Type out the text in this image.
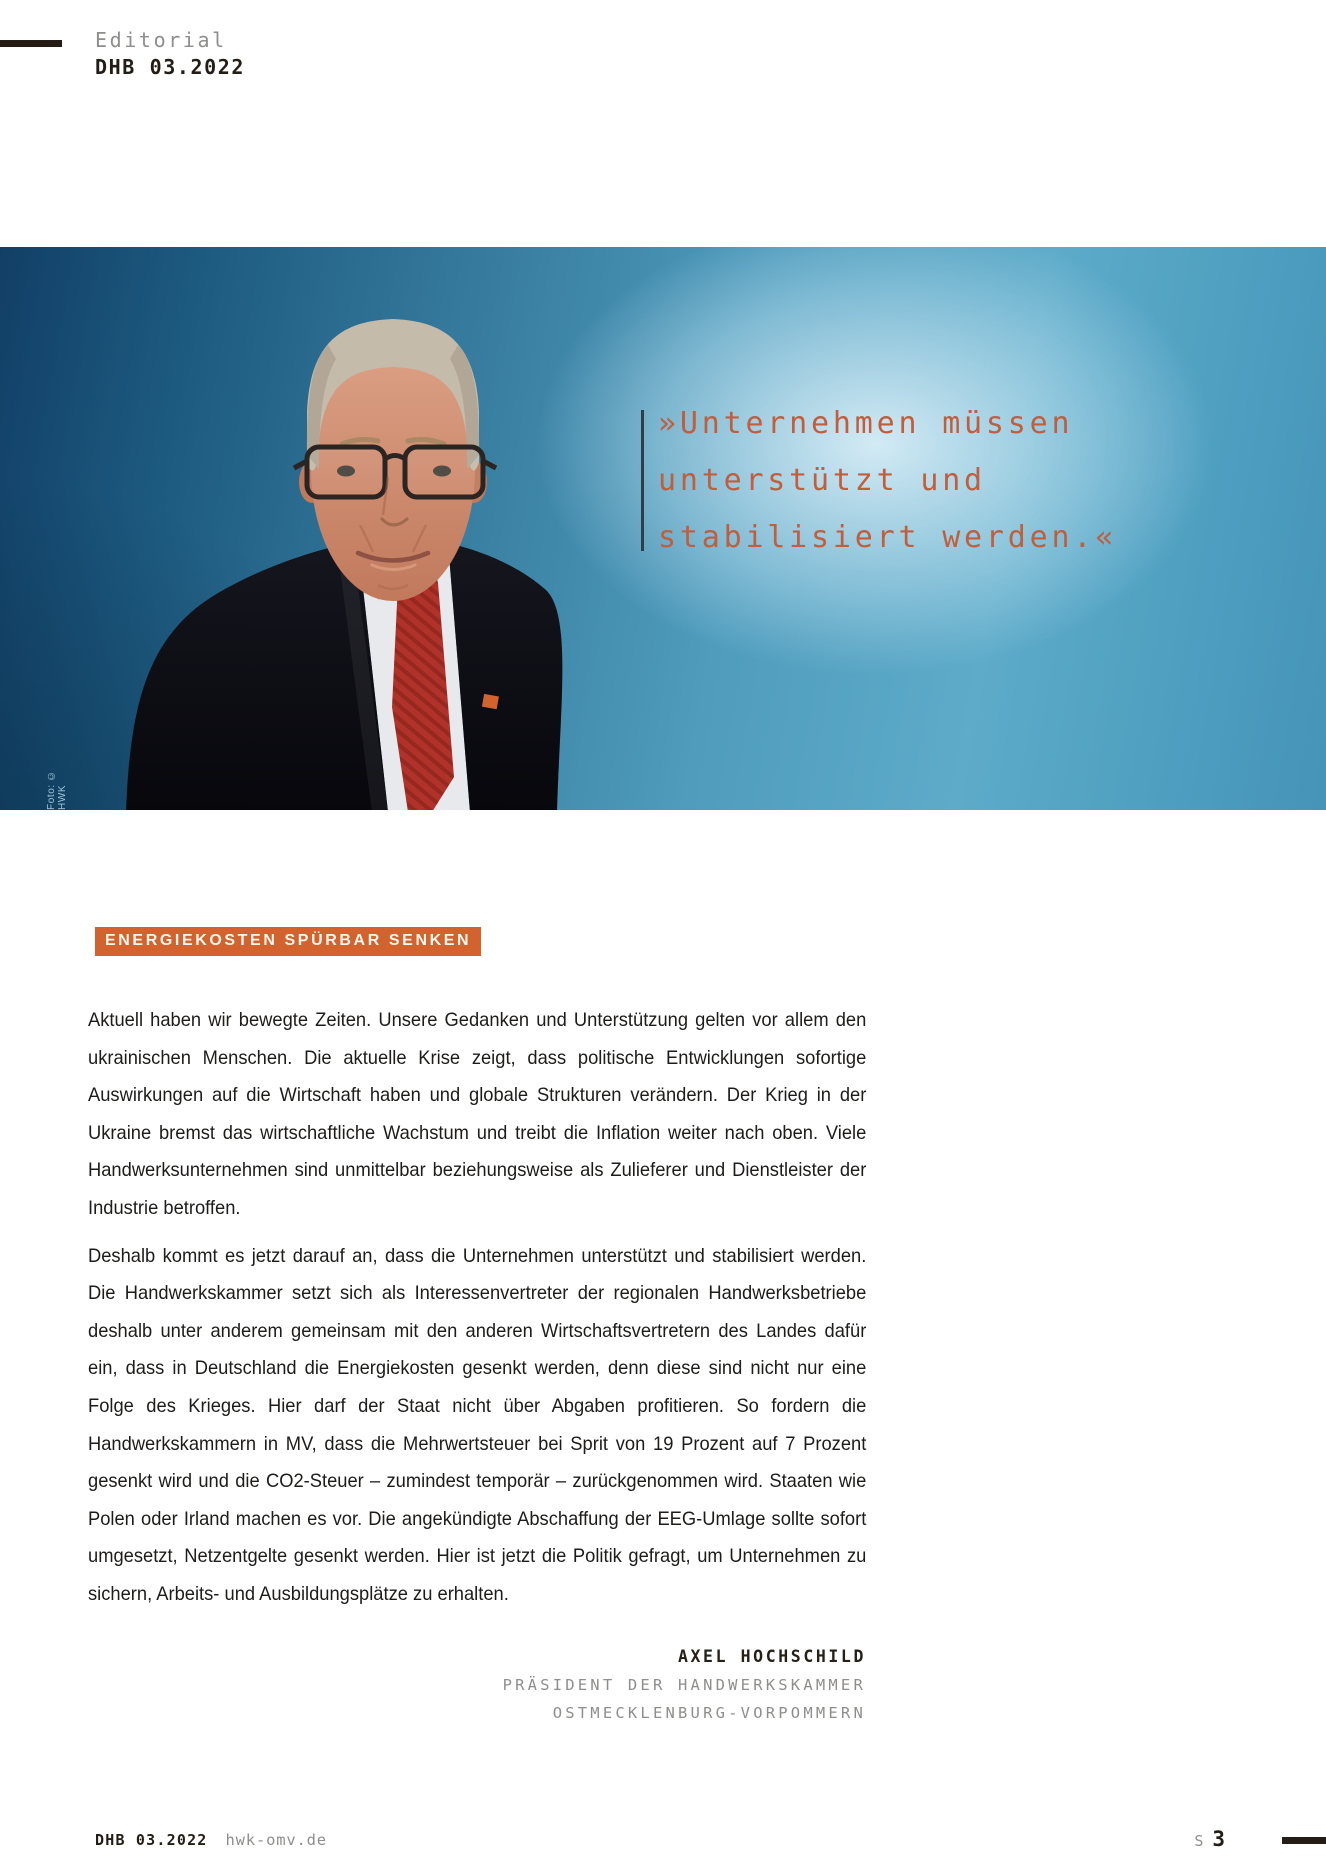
Editorial
DHB 03.2022
Foto: © HWK
»Unternehmen müssen
unterstützt und
stabilisiert werden.«
ENERGIEKOSTEN SPÜRBAR SENKEN

Aktuell haben wir bewegte Zeiten. Unsere Gedanken und Unterstützung gelten vor allem den ukrainischen Menschen. Die aktuelle Krise zeigt, dass politische Entwicklungen sofortige Auswirkungen auf die Wirtschaft haben und globale Strukturen verändern. Der Krieg in der Ukraine bremst das wirtschaftliche Wachstum und treibt die Inflation weiter nach oben. Viele Handwerksunternehmen sind unmittelbar beziehungsweise als Zulieferer und Dienstleister der Industrie betroffen.

Deshalb kommt es jetzt darauf an, dass die Unternehmen unterstützt und stabilisiert werden. Die Handwerkskammer setzt sich als Interessenvertreter der regionalen Handwerksbetriebe deshalb unter anderem gemeinsam mit den anderen Wirtschaftsvertretern des Landes dafür ein, dass in Deutschland die Energiekosten gesenkt werden, denn diese sind nicht nur eine Folge des Krieges. Hier darf der Staat nicht über Abgaben profitieren. So fordern die Handwerkskammern in MV, dass die Mehrwertsteuer bei Sprit von 19 Prozent auf 7 Prozent gesenkt wird und die CO2-Steuer – zumindest temporär – zurückgenommen wird. Staaten wie Polen oder Irland machen es vor. Die angekündigte Abschaffung der EEG-Umlage sollte sofort umgesetzt, Netzentgelte gesenkt werden. Hier ist jetzt die Politik gefragt, um Unternehmen zu sichern, Arbeits- und Ausbildungsplätze zu erhalten.

AXEL HOCHSCHILD
PRÄSIDENT DER HANDWERKSKAMMER
OSTMECKLENBURG-VORPOMMERN
DHB 03.2022 hwk-omv.de	S 3
